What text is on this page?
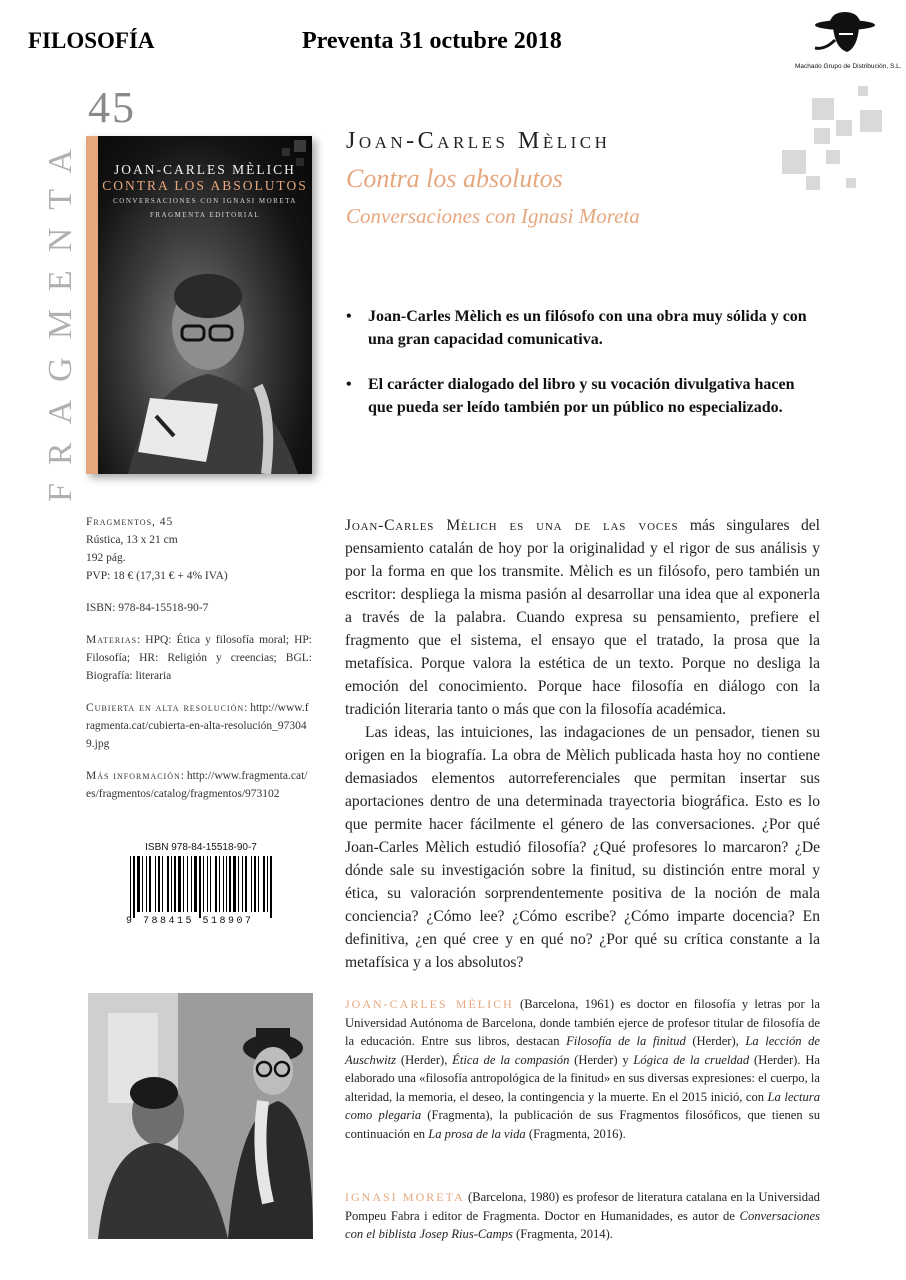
FILOSOFÍA	Preventa 31 octubre 2018
Machado Grupo de Distribución, S.L.
45
FRAGMENTA	JOAN-CARLES MÈLICH
CONTRA LOS ABSOLUTOS
CONVERSACIONES CON IGNASI MORETA
FRAGMENTA EDITORIAL
Joan-Carles Mèlich
Contra los absolutos
Conversaciones con Ignasi Moreta
• Joan-Carles Mèlich es un filósofo con una obra muy sólida y con una gran capacidad comunicativa.
• El carácter dialogado del libro y su vocación divulgativa hacen que pueda ser leído también por un público no especializado.
Fragmentos, 45
Rústica, 13 x 21 cm
192 pág.
PVP: 18 € (17,31 € + 4% IVA)
ISBN: 978-84-15518-90-7
Materias: HPQ: Ética y filosofía moral; HP: Filosofía; HR: Religión y creencias; BGL: Biografía: literaria
Cubierta en alta resolución: http://www.fragmenta.cat/cubierta-en-alta-resolución_973049.jpg
Más información: http://www.fragmenta.cat/es/fragmentos/catalog/fragmentos/973102
ISBN 978-84-15518-90-7
9 788415 518907

Joan-Carles Mèlich es una de las voces más singulares del pensamiento catalán de hoy por la originalidad y el rigor de sus análisis y por la forma en que los transmite. Mèlich es un filósofo, pero también un escritor: despliega la misma pasión al desarrollar una idea que al exponerla a través de la palabra. Cuando expresa su pensamiento, prefiere el fragmento que el sistema, el ensayo que el tratado, la prosa que la metafísica. Porque valora la estética de un texto. Porque no desliga la emoción del conocimiento. Porque hace filosofía en diálogo con la tradición literaria tanto o más que con la filosofía académica.

Las ideas, las intuiciones, las indagaciones de un pensador, tienen su origen en la biografía. La obra de Mèlich publicada hasta hoy no contiene demasiados elementos autorreferenciales que permitan insertar sus aportaciones dentro de una determinada trayectoria biográfica. Esto es lo que permite hacer fácilmente el género de las conversaciones. ¿Por qué Joan-Carles Mèlich estudió filosofía? ¿Qué profesores lo marcaron? ¿De dónde sale su investigación sobre la finitud, su distinción entre moral y ética, su valoración sorprendentemente positiva de la noción de mala conciencia? ¿Cómo lee? ¿Cómo escribe? ¿Cómo imparte docencia? En definitiva, ¿en qué cree y en qué no? ¿Por qué su crítica constante a la metafísica y a los absolutos?

JOAN-CARLES MÈLICH (Barcelona, 1961) es doctor en filosofía y letras por la Universidad Autónoma de Barcelona, donde también ejerce de profesor titular de filosofía de la educación. Entre sus libros, destacan Filosofía de la finitud (Herder), La lección de Auschwitz (Herder), Ética de la compasión (Herder) y Lógica de la crueldad (Herder). Ha elaborado una «filosofía antropológica de la finitud» en sus diversas expresiones: el cuerpo, la alteridad, la memoria, el deseo, la contingencia y la muerte. En el 2015 inició, con La lectura como plegaria (Fragmenta), la publicación de sus Fragmentos filosóficos, que tienen su continuación en La prosa de la vida (Fragmenta, 2016).
IGNASI MORETA (Barcelona, 1980) es profesor de literatura catalana en la Universidad Pompeu Fabra i editor de Fragmenta. Doctor en Humanidades, es autor de Conversaciones con el biblista Josep Rius-Camps (Fragmenta, 2014).
